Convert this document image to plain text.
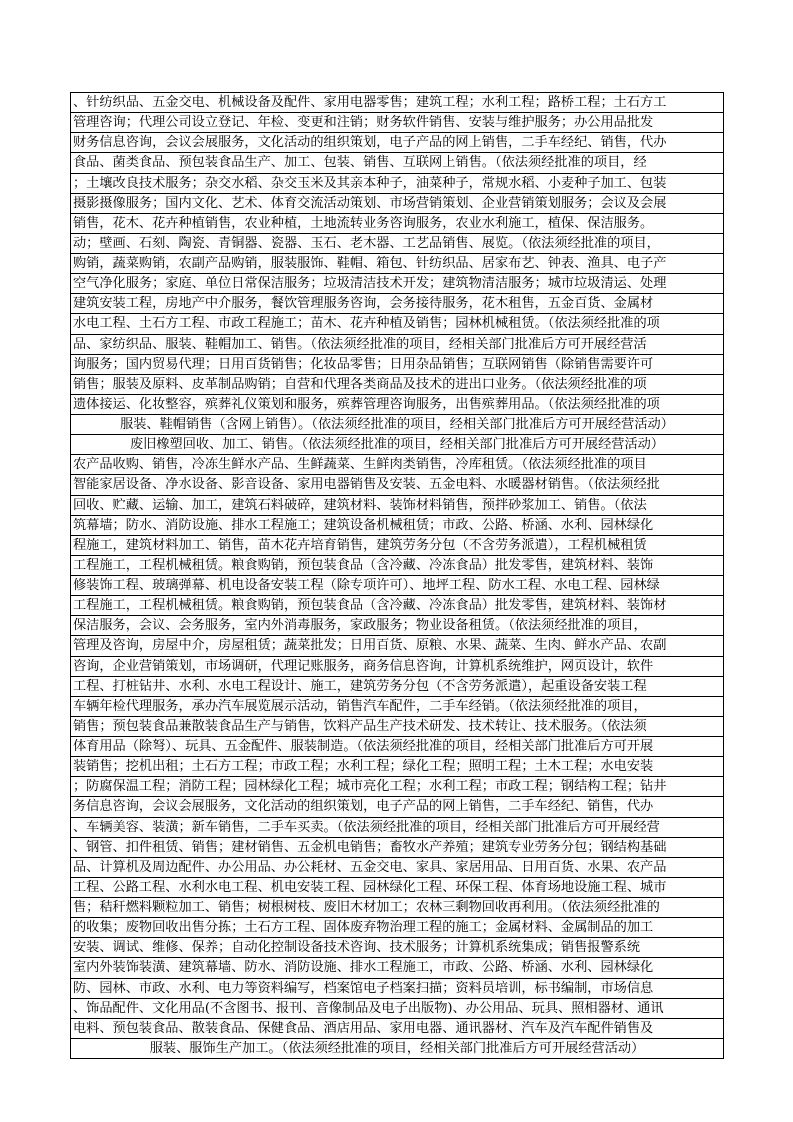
、针纺织品、五金交电、机械设备及配件、家用电器零售；建筑工程；水利工程；路桥工程；土石方工
管理咨询；代理公司设立登记、年检、变更和注销；财务软件销售、安装与维护服务；办公用品批发
财务信息咨询，会议会展服务，文化活动的组织策划，电子产品的网上销售，二手车经纪、销售，代办
食品、菌类食品、预包装食品生产、加工、包装、销售、互联网上销售。（依法须经批准的项目，经
；土壤改良技术服务；杂交水稻、杂交玉米及其亲本种子，油菜种子，常规水稻、小麦种子加工、包装
摄影摄像服务；国内文化、艺术、体育交流活动策划、市场营销策划、企业营销策划服务；会议及会展
销售，花木、花卉种植销售，农业种植，土地流转业务咨询服务，农业水利施工，植保、保洁服务。
动；壁画、石刻、陶瓷、青铜器、瓷器、玉石、老木器、工艺品销售、展览。（依法须经批准的项目，
购销，蔬菜购销，农副产品购销，服装服饰、鞋帽、箱包、针纺织品、居家布艺、钟表、渔具、电子产
空气净化服务；家庭、单位日常保洁服务；垃圾清洁技术开发；建筑物清洁服务；城市垃圾清运、处理
建筑安装工程，房地产中介服务，餐饮管理服务咨询，会务接待服务，花木租售，五金百货、金属材
水电工程、土石方工程、市政工程施工；苗木、花卉种植及销售；园林机械租赁。（依法须经批准的项
品、家纺织品、服装、鞋帽加工、销售。（依法须经批准的项目，经相关部门批准后方可开展经营活
询服务；国内贸易代理；日用百货销售；化妆品零售；日用杂品销售；互联网销售（除销售需要许可
销售；服装及原料、皮革制品购销；自营和代理各类商品及技术的进出口业务。（依法须经批准的项
遗体接运、化妆整容，殡葬礼仪策划和服务，殡葬管理咨询服务，出售殡葬用品。（依法须经批准的项
服装、鞋帽销售（含网上销售）。（依法须经批准的项目，经相关部门批准后方可开展经营活动）
废旧橡塑回收、加工、销售。（依法须经批准的项目，经相关部门批准后方可开展经营活动）
农产品收购、销售，冷冻生鲜水产品、生鲜蔬菜、生鲜肉类销售，冷库租赁。（依法须经批准的项目
智能家居设备、净水设备、影音设备、家用电器销售及安装、五金电料、水暖器材销售。（依法须经批
回收、贮藏、运输、加工，建筑石料破碎，建筑材料、装饰材料销售，预拌砂浆加工、销售。（依法
筑幕墙；防水、消防设施、排水工程施工；建筑设备机械租赁；市政、公路、桥涵、水利、园林绿化
程施工，建筑材料加工、销售，苗木花卉培育销售，建筑劳务分包（不含劳务派遣），工程机械租赁
工程施工，工程机械租赁。粮食购销，预包装食品（含冷藏、冷冻食品）批发零售，建筑材料、装饰
修装饰工程、玻璃弹幕、机电设备安装工程（除专项许可）、地坪工程、防水工程、水电工程、园林绿
工程施工，工程机械租赁。粮食购销，预包装食品（含冷藏、冷冻食品）批发零售，建筑材料、装饰材
保洁服务，会议、会务服务，室内外消毒服务，家政服务；物业设备租赁。（依法须经批准的项目，
管理及咨询，房屋中介，房屋租赁；蔬菜批发；日用百货、原粮、水果、蔬菜、生肉、鲜水产品、农副
咨询，企业营销策划，市场调研，代理记账服务，商务信息咨询，计算机系统维护，网页设计，软件
工程、打桩钻井、水利、水电工程设计、施工，建筑劳务分包（不含劳务派遣），起重设备安装工程
车辆年检代理服务，承办汽车展览展示活动，销售汽车配件，二手车经销。（依法须经批准的项目，
销售；预包装食品兼散装食品生产与销售，饮料产品生产技术研发、技术转让、技术服务。（依法须
体育用品（除弩）、玩具、五金配件、服装制造。（依法须经批准的项目，经相关部门批准后方可开展
装销售；挖机出租；土石方工程；市政工程；水利工程；绿化工程；照明工程；土木工程；水电安装
；防腐保温工程；消防工程；园林绿化工程；城市亮化工程；水利工程；市政工程；钢结构工程；钻井
务信息咨询，会议会展服务，文化活动的组织策划，电子产品的网上销售，二手车经纪、销售，代办
、车辆美容、装潢；新车销售，二手车买卖。（依法须经批准的项目，经相关部门批准后方可开展经营
、钢管、扣件租赁、销售；建材销售、五金机电销售；畜牧水产养殖；建筑专业劳务分包；钢结构基础
品、计算机及周边配件、办公用品、办公耗材、五金交电、家具、家居用品、日用百货、水果、农产品
工程、公路工程、水利水电工程、机电安装工程、园林绿化工程、环保工程、体育场地设施工程、城市
售；秸秆燃料颗粒加工、销售；树根树枝、废旧木材加工；农林三剩物回收再利用。（依法须经批准的
的收集；废物回收出售分拣；土石方工程、固体废弃物治理工程的施工；金属材料、金属制品的加工
安装、调试、维修、保养；自动化控制设备技术咨询、技术服务；计算机系统集成；销售报警系统
室内外装饰装潢、建筑幕墙、防水、消防设施、排水工程施工，市政、公路、桥涵、水利、园林绿化
防、园林、市政、水利、电力等资料编写，档案馆电子档案扫描；资料员培训，标书编制，市场信息
、饰品配件、文化用品(不含图书、报刊、音像制品及电子出版物)、办公用品、玩具、照相器材、通讯
电料、预包装食品、散装食品、保健食品、酒店用品、家用电器、通讯器材、汽车及汽车配件销售及
服装、服饰生产加工。（依法须经批准的项目，经相关部门批准后方可开展经营活动）
